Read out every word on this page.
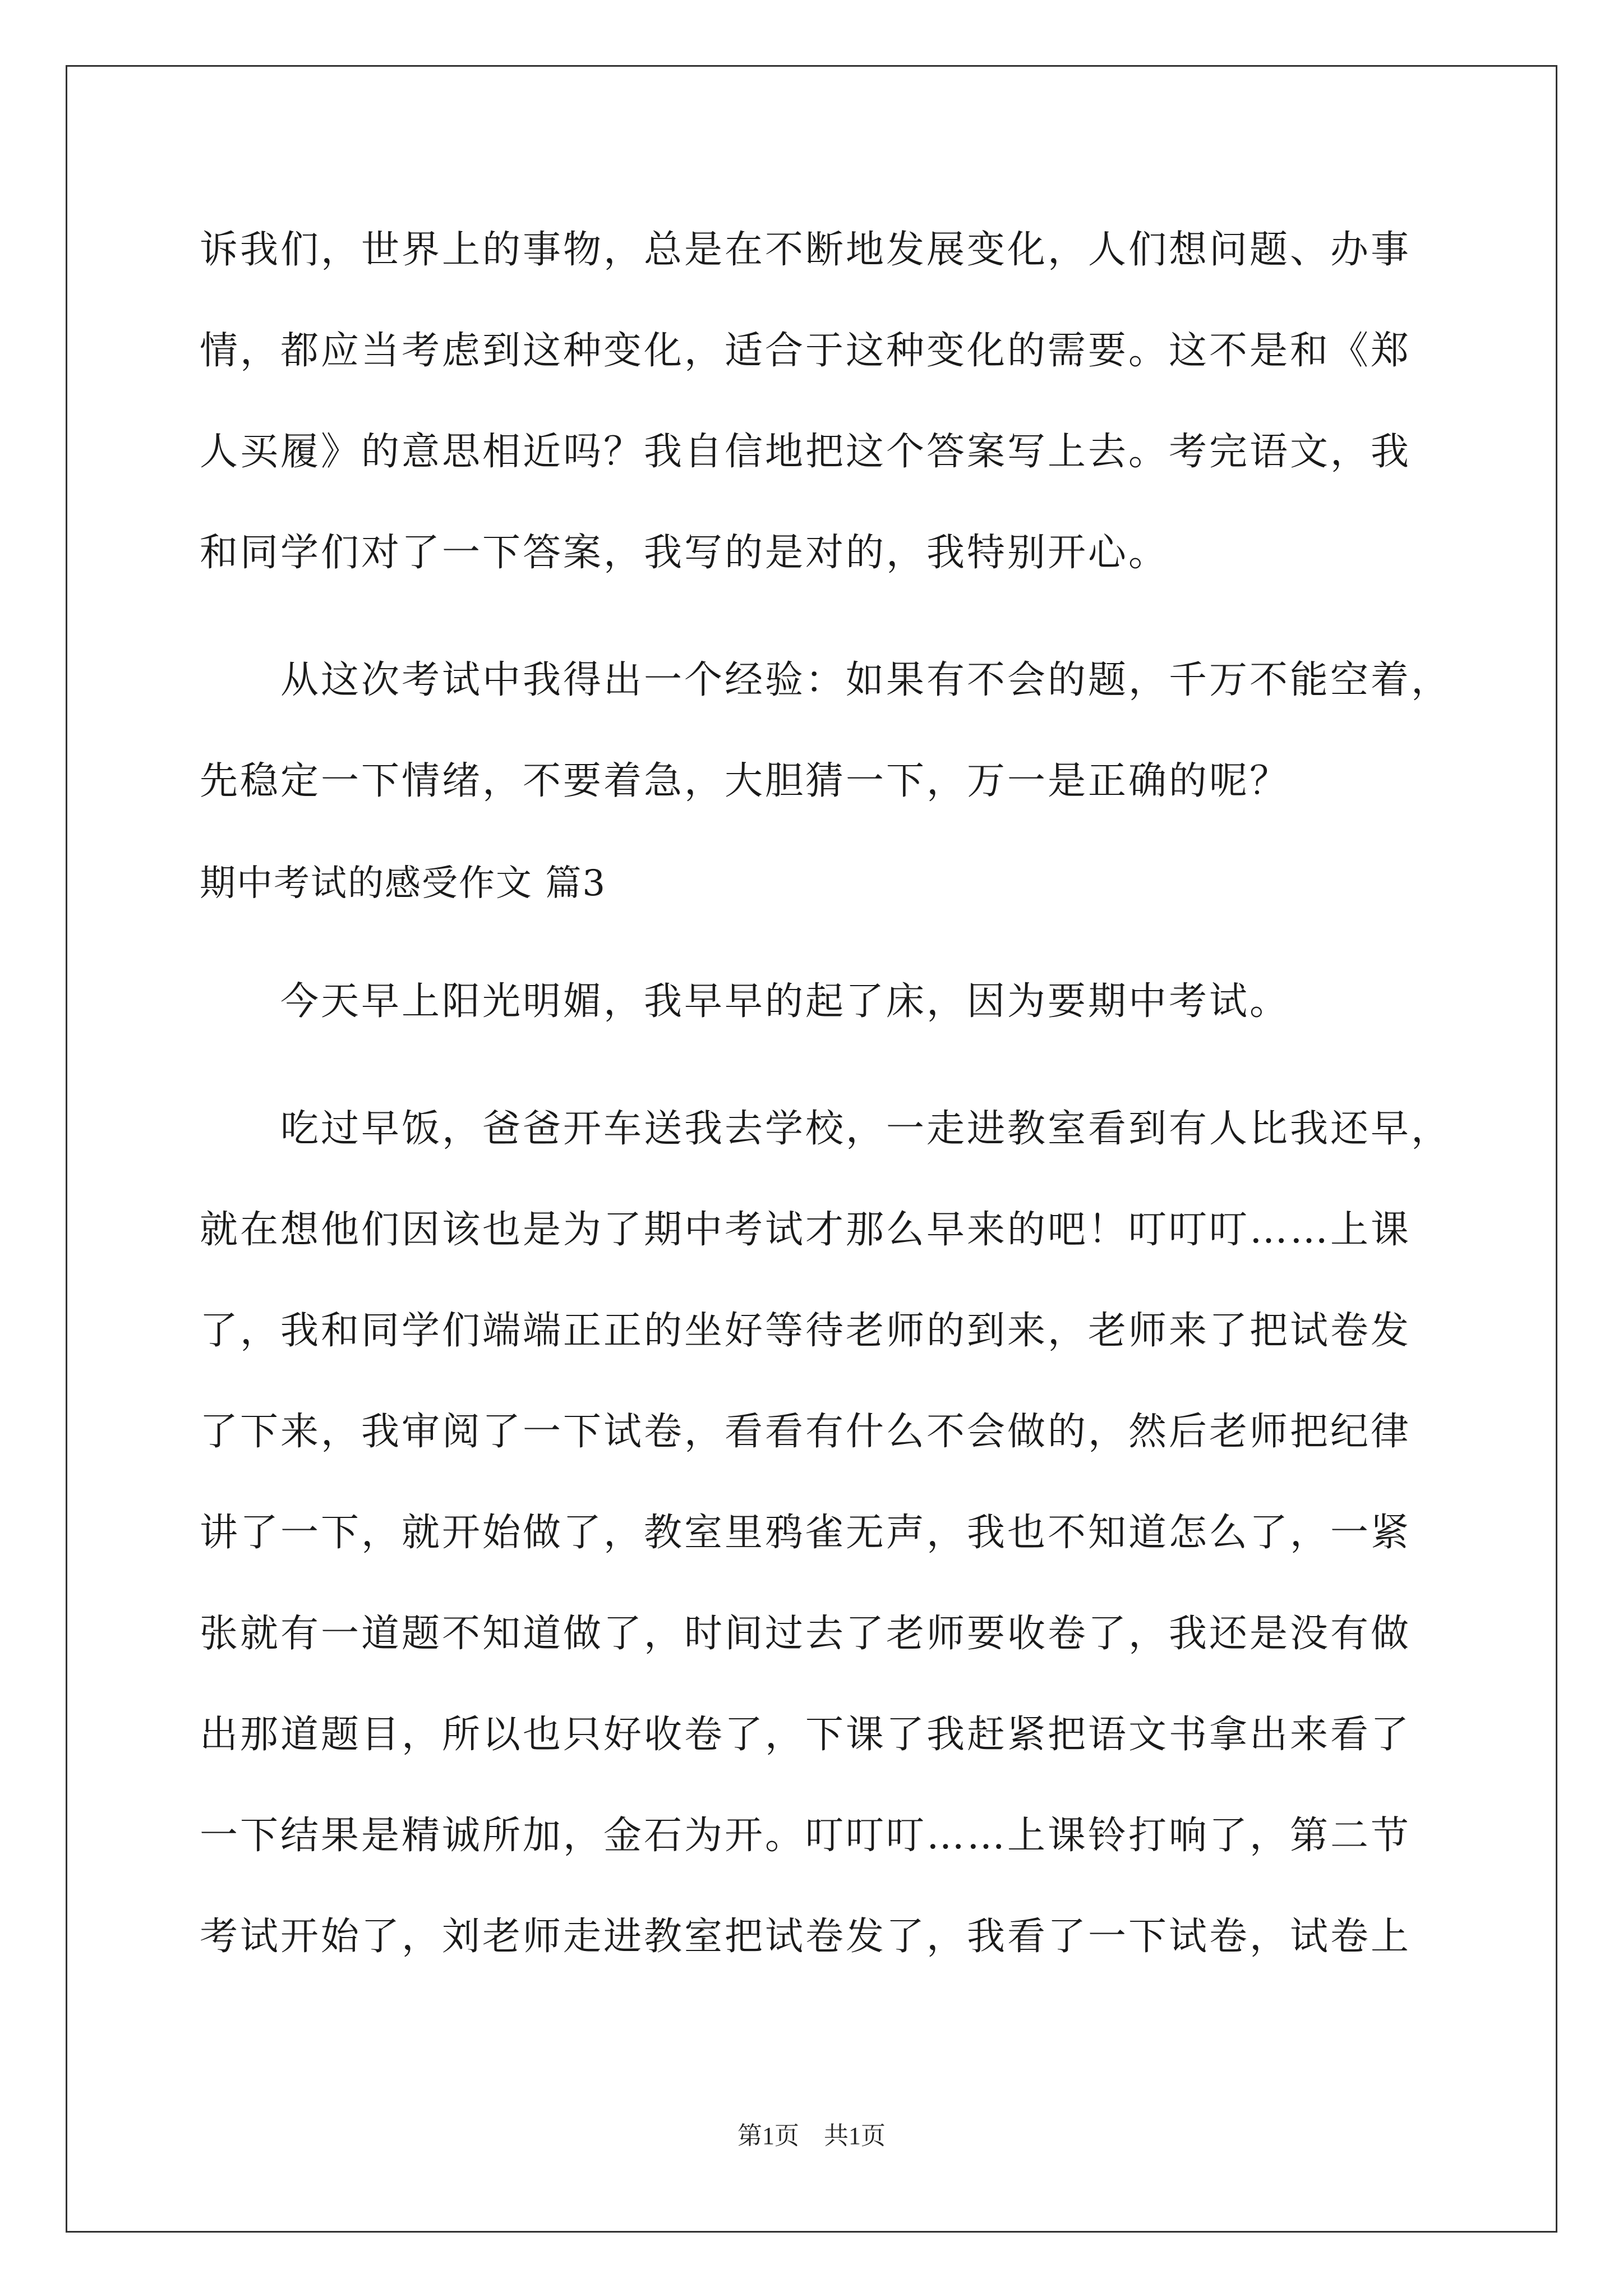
诉我们，世界上的事物，总是在不断地发展变化，人们想问题、办事
情，都应当考虑到这种变化，适合于这种变化的需要。这不是和《郑
人买履》的意思相近吗？我自信地把这个答案写上去。考完语文，我
和同学们对了一下答案，我写的是对的，我特别开心。
从这次考试中我得出一个经验：如果有不会的题，千万不能空着，
先稳定一下情绪，不要着急，大胆猜一下，万一是正确的呢？
期中考试的感受作文 篇3
今天早上阳光明媚，我早早的起了床，因为要期中考试。
吃过早饭，爸爸开车送我去学校，一走进教室看到有人比我还早，
就在想他们因该也是为了期中考试才那么早来的吧！叮叮叮……上课
了，我和同学们端端正正的坐好等待老师的到来，老师来了把试卷发
了下来，我审阅了一下试卷，看看有什么不会做的，然后老师把纪律
讲了一下，就开始做了，教室里鸦雀无声，我也不知道怎么了，一紧
张就有一道题不知道做了，时间过去了老师要收卷了，我还是没有做
出那道题目，所以也只好收卷了，下课了我赶紧把语文书拿出来看了
一下结果是精诚所加，金石为开。叮叮叮……上课铃打响了，第二节
考试开始了，刘老师走进教室把试卷发了，我看了一下试卷，试卷上
第1页　共1页
